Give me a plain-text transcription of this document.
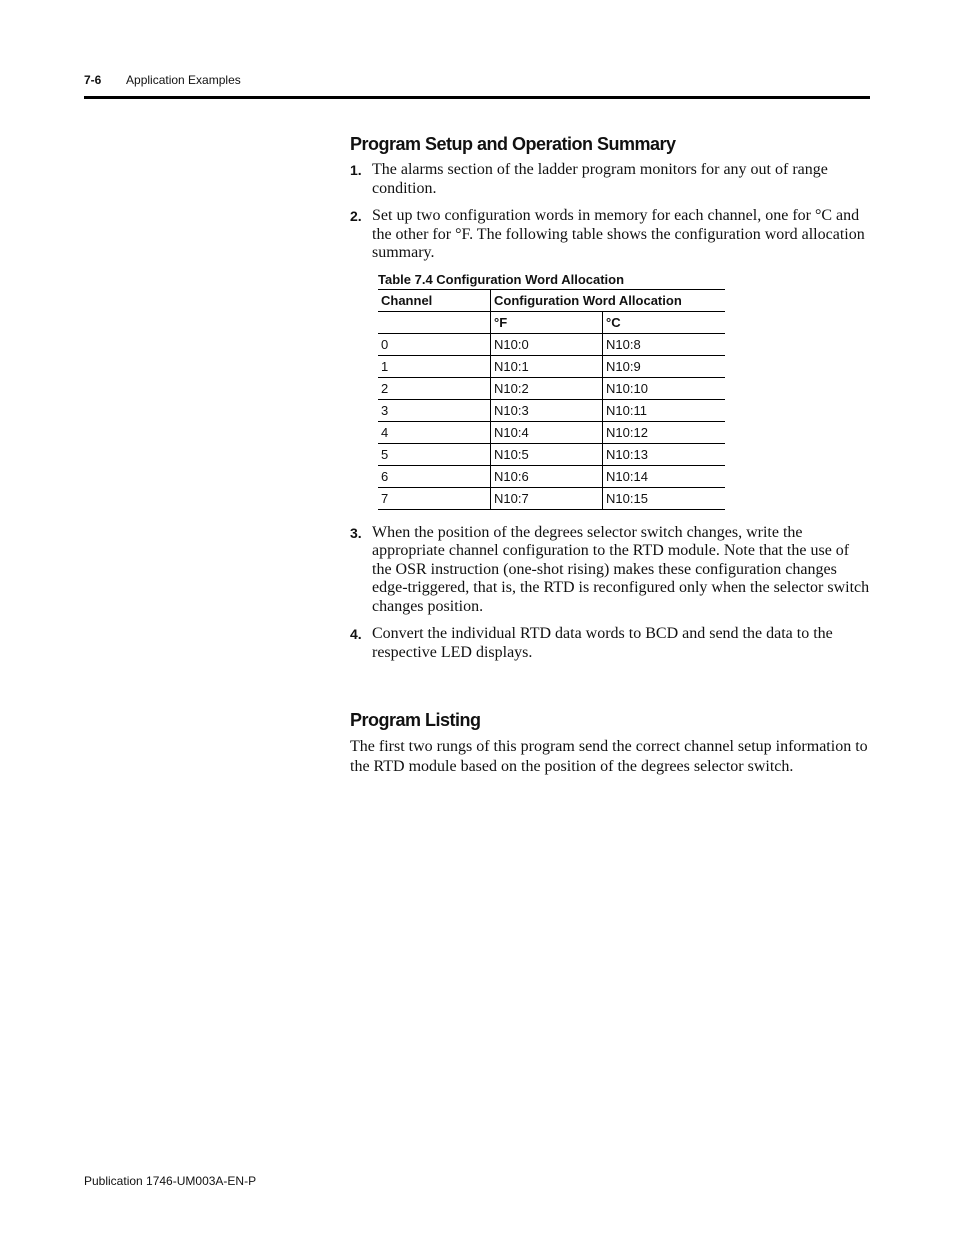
7-6 Application Examples
Program Setup and Operation Summary
1. The alarms section of the ladder program monitors for any out of range condition.
2. Set up two configuration words in memory for each channel, one for °C and the other for °F. The following table shows the configuration word allocation summary.
Table 7.4 Configuration Word Allocation
Channel	Configuration Word Allocation	
	°F	°C
0	N10:0	N10:8
1	N10:1	N10:9
2	N10:2	N10:10
3	N10:3	N10:11
4	N10:4	N10:12
5	N10:5	N10:13
6	N10:6	N10:14
7	N10:7	N10:15
3. When the position of the degrees selector switch changes, write the appropriate channel configuration to the RTD module. Note that the use of the OSR instruction (one-shot rising) makes these configuration changes edge-triggered, that is, the RTD is reconfigured only when the selector switch changes position.
4. Convert the individual RTD data words to BCD and send the data to the respective LED displays.
Program Listing

The first two rungs of this program send the correct channel setup information to the RTD module based on the position of the degrees selector switch.

Publication 1746-UM003A-EN-P
